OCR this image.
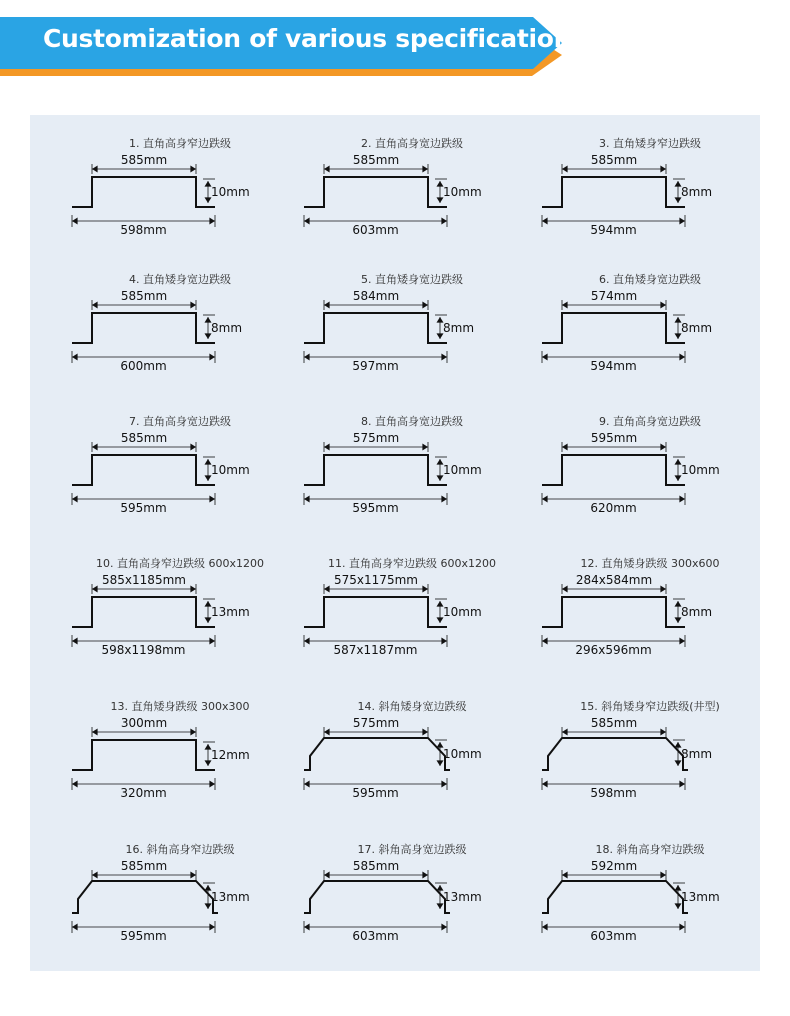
Customization of various specifications
1. 直角高身窄边跌级
585mm
10mm
598mm
2. 直角高身宽边跌级
585mm
10mm
603mm
3. 直角矮身窄边跌级
585mm
8mm
594mm
4. 直角矮身宽边跌级
585mm
8mm
600mm
5. 直角矮身宽边跌级
584mm
8mm
597mm
6. 直角矮身宽边跌级
574mm
8mm
594mm
7. 直角高身宽边跌级
585mm
10mm
595mm
8. 直角高身宽边跌级
575mm
10mm
595mm
9. 直角高身宽边跌级
595mm
10mm
620mm
10. 直角高身窄边跌级 600x1200
585x1185mm
13mm
598x1198mm
11. 直角高身窄边跌级 600x1200
575x1175mm
10mm
587x1187mm
12. 直角矮身跌级 300x600
284x584mm
8mm
296x596mm
13. 直角矮身跌级 300x300
300mm
12mm
320mm
14. 斜角矮身宽边跌级
575mm
10mm
595mm
15. 斜角矮身窄边跌级(井型)
585mm
8mm
598mm
16. 斜角高身窄边跌级
585mm
13mm
595mm
17. 斜角高身宽边跌级
585mm
13mm
603mm
18. 斜角高身窄边跌级
592mm
13mm
603mm
